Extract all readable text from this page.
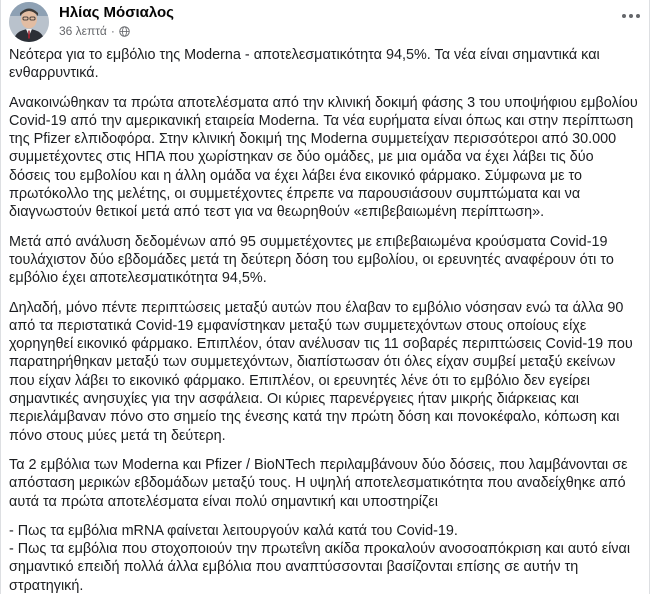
Ηλίας Μόσιαλος
36 λεπτά ·

Νεότερα για το εμβόλιο της Moderna - αποτελεσματικότητα 94,5%. Τα νέα είναι σημαντικά και ενθαρρυντικά.

Ανακοινώθηκαν τα πρώτα αποτελέσματα από την κλινική δοκιμή φάσης 3 του υποψήφιου εμβολίου Covid-19 από την αμερικανική εταιρεία Moderna. Τα νέα ευρήματα είναι όπως και στην περίπτωση της Pfizer ελπιδοφόρα. Στην κλινική δοκιμή της Moderna συμμετείχαν περισσότεροι από 30.000 συμμετέχοντες στις ΗΠΑ που χωρίστηκαν σε δύο ομάδες, με μια ομάδα να έχει λάβει τις δύο δόσεις του εμβολίου και η άλλη ομάδα να έχει λάβει ένα εικονικό φάρμακο. Σύμφωνα με το πρωτόκολλο της μελέτης, οι συμμετέχοντες έπρεπε να παρουσιάσουν συμπτώματα και να διαγνωστούν θετικοί μετά από τεστ για να θεωρηθούν «επιβεβαιωμένη περίπτωση».

Μετά από ανάλυση δεδομένων από 95 συμμετέχοντες με επιβεβαιωμένα κρούσματα Covid-19 τουλάχιστον δύο εβδομάδες μετά τη δεύτερη δόση του εμβολίου, οι ερευνητές αναφέρουν ότι το εμβόλιο έχει αποτελεσματικότητα 94,5%.

Δηλαδή, μόνο πέντε περιπτώσεις μεταξύ αυτών που έλαβαν το εμβόλιο νόσησαν ενώ τα άλλα 90 από τα περιστατικά Covid-19 εμφανίστηκαν μεταξύ των συμμετεχόντων στους οποίους είχε χορηγηθεί εικονικό φάρμακο. Επιπλέον, όταν ανέλυσαν τις 11 σοβαρές περιπτώσεις Covid-19 που παρατηρήθηκαν μεταξύ των συμμετεχόντων, διαπίστωσαν ότι όλες είχαν συμβεί μεταξύ εκείνων που είχαν λάβει το εικονικό φάρμακο. Επιπλέον, οι ερευνητές λένε ότι το εμβόλιο δεν εγείρει σημαντικές ανησυχίες για την ασφάλεια. Οι κύριες παρενέργειες ήταν μικρής διάρκειας και περιελάμβαναν πόνο στο σημείο της ένεσης κατά την πρώτη δόση και πονοκέφαλο, κόπωση και πόνο στους μύες μετά τη δεύτερη.

Τα 2 εμβόλια των Moderna και Pfizer / BioNTech περιλαμβάνουν δύο δόσεις, που λαμβάνονται σε απόσταση μερικών εβδομάδων μεταξύ τους. Η υψηλή αποτελεσματικότητα που αναδείχθηκε από αυτά τα πρώτα αποτελέσματα είναι πολύ σημαντική και υποστηρίζει

- Πως τα εμβόλια mRNA φαίνεται λειτουργούν καλά κατά του Covid-19.

- Πως τα εμβόλια που στοχοποιούν την πρωτεΐνη ακίδα προκαλούν ανοσοαπόκριση και αυτό είναι σημαντικό επειδή πολλά άλλα εμβόλια που αναπτύσσονται βασίζονται επίσης σε αυτήν τη στρατηγική.
